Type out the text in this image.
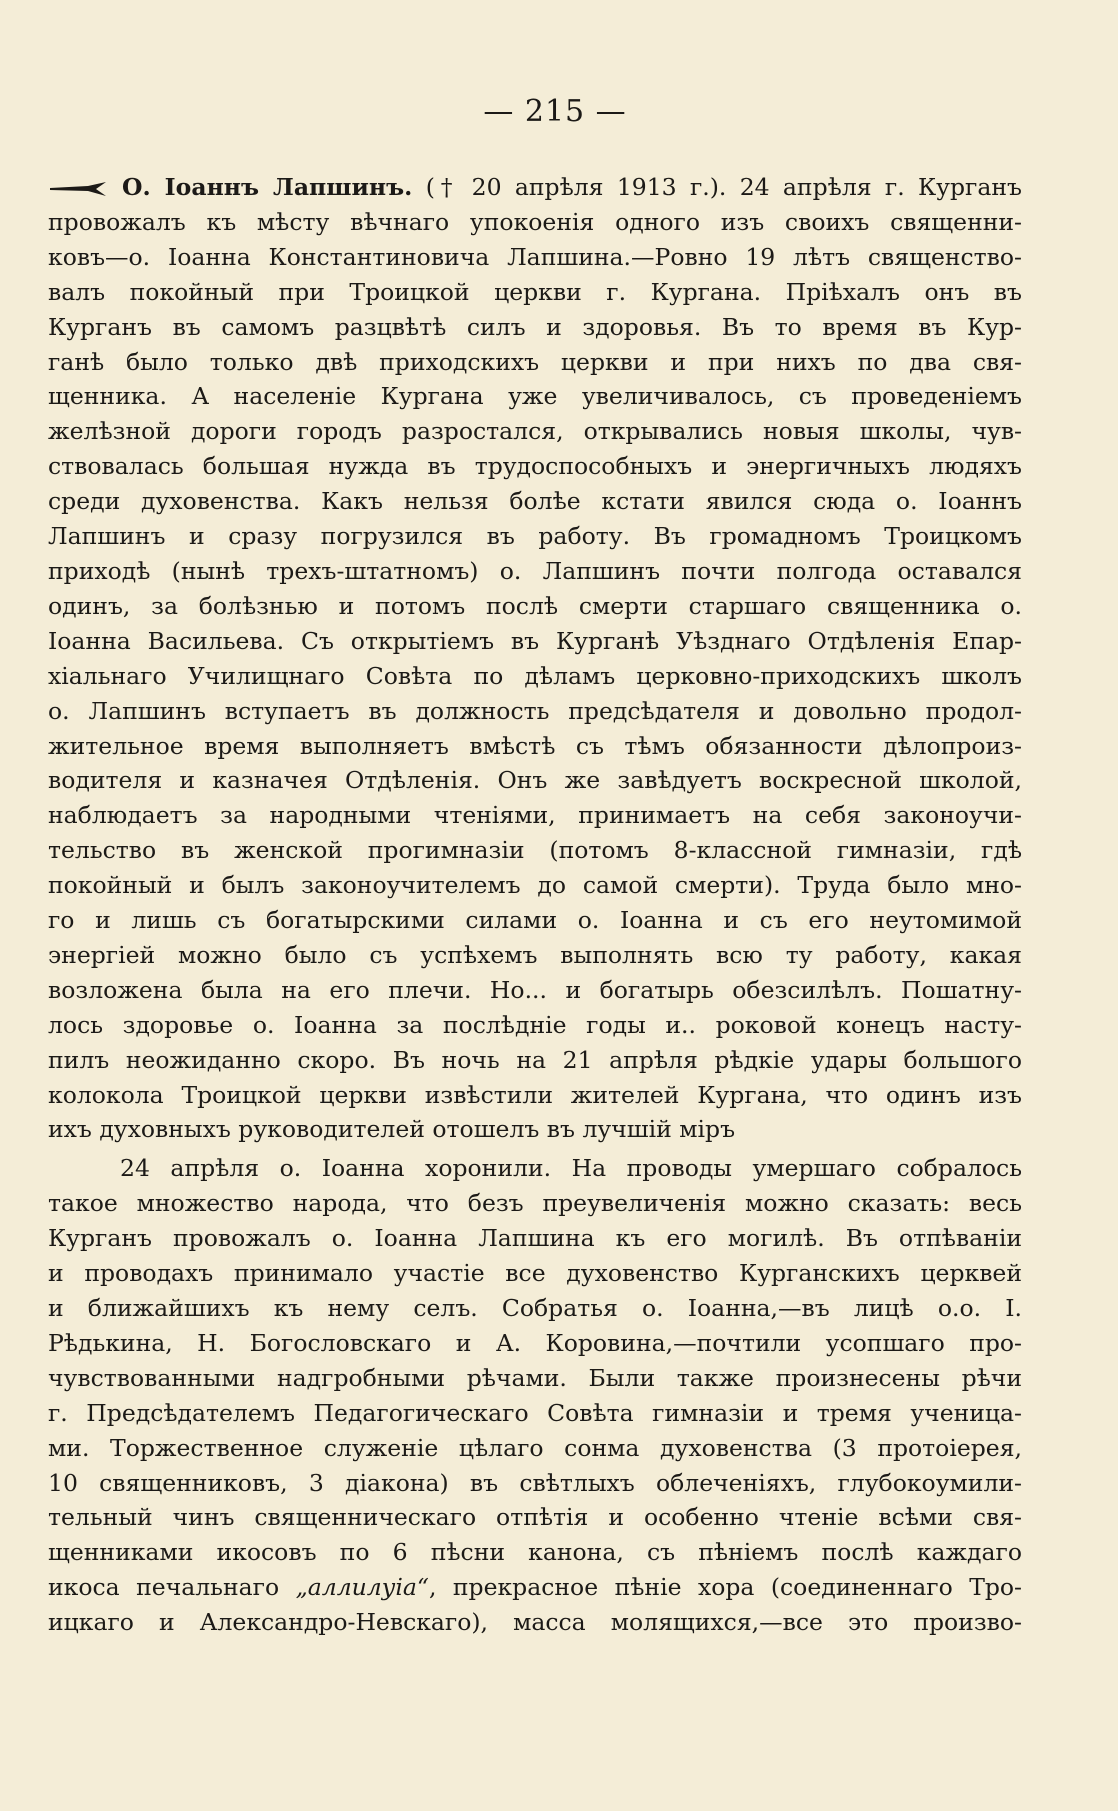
— 215 —
О. Іоаннъ Лапшинъ. († 20 апрѣля 1913 г.). 24 апрѣля г. Курганъ
провожалъ къ мѣсту вѣчнаго упокоенія одного изъ своихъ священни-
ковъ—о. Іоанна Константиновича Лапшина.—Ровно 19 лѣтъ священство-
валъ покойный при Троицкой церкви г. Кургана. Пріѣхалъ онъ въ
Курганъ въ самомъ разцвѣтѣ силъ и здоровья. Въ то время въ Кур-
ганѣ было только двѣ приходскихъ церкви и при нихъ по два свя-
щенника. А населеніе Кургана уже увеличивалось, съ проведеніемъ
желѣзной дороги городъ разростался, открывались новыя школы, чув-
ствовалась большая нужда въ трудоспособныхъ и энергичныхъ людяхъ
среди духовенства. Какъ нельзя болѣе кстати явился сюда о. Іоаннъ
Лапшинъ и сразу погрузился въ работу. Въ громадномъ Троицкомъ
приходѣ (нынѣ трехъ-штатномъ) о. Лапшинъ почти полгода оставался
одинъ, за болѣзнью и потомъ послѣ смерти старшаго священника о.
Іоанна Васильева. Съ открытіемъ въ Курганѣ Уѣзднаго Отдѣленія Епар-
хіальнаго Училищнаго Совѣта по дѣламъ церковно-приходскихъ школъ
о. Лапшинъ вступаетъ въ должность предсѣдателя и довольно продол-
жительное время выполняетъ вмѣстѣ съ тѣмъ обязанности дѣлопроиз-
водителя и казначея Отдѣленія. Онъ же завѣдуетъ воскресной школой,
наблюдаетъ за народными чтеніями, принимаетъ на себя законоучи-
тельство въ женской прогимназіи (потомъ 8-классной гимназіи, гдѣ
покойный и былъ законоучителемъ до самой смерти). Труда было мно-
го и лишь съ богатырскими силами о. Іоанна и съ его неутомимой
энергіей можно было съ успѣхемъ выполнять всю ту работу, какая
возложена была на его плечи. Но... и богатырь обезсилѣлъ. Пошатну-
лось здоровье о. Іоанна за послѣдніе годы и.. роковой конецъ насту-
пилъ неожиданно скоро. Въ ночь на 21 апрѣля рѣдкіе удары большого
колокола Троицкой церкви извѣстили жителей Кургана, что одинъ изъ
ихъ духовныхъ руководителей отошелъ въ лучшій міръ
24 апрѣля о. Іоанна хоронили. На проводы умершаго собралось
такое множество народа, что безъ преувеличенія можно сказать: весь
Курганъ провожалъ о. Іоанна Лапшина къ его могилѣ. Въ отпѣваніи
и проводахъ принимало участіе все духовенство Курганскихъ церквей
и ближайшихъ къ нему селъ. Собратья о. Іоанна,—въ лицѣ о.о. І.
Рѣдькина, Н. Богословскаго и А. Коровина,—почтили усопшаго про-
чувствованными надгробными рѣчами. Были также произнесены рѣчи
г. Предсѣдателемъ Педагогическаго Совѣта гимназіи и тремя ученица-
ми. Торжественное служеніе цѣлаго сонма духовенства (3 протоіерея,
10 священниковъ, 3 діакона) въ свѣтлыхъ облеченіяхъ, глубокоумили-
тельный чинъ священническаго отпѣтія и особенно чтеніе всѣми свя-
щенниками икосовъ по 6 пѣсни канона, съ пѣніемъ послѣ каждаго
икоса печальнаго „аллилуіа“, прекрасное пѣніе хора (соединеннаго Тро-
ицкаго и Александро-Невскаго), масса молящихся,—все это произво-
